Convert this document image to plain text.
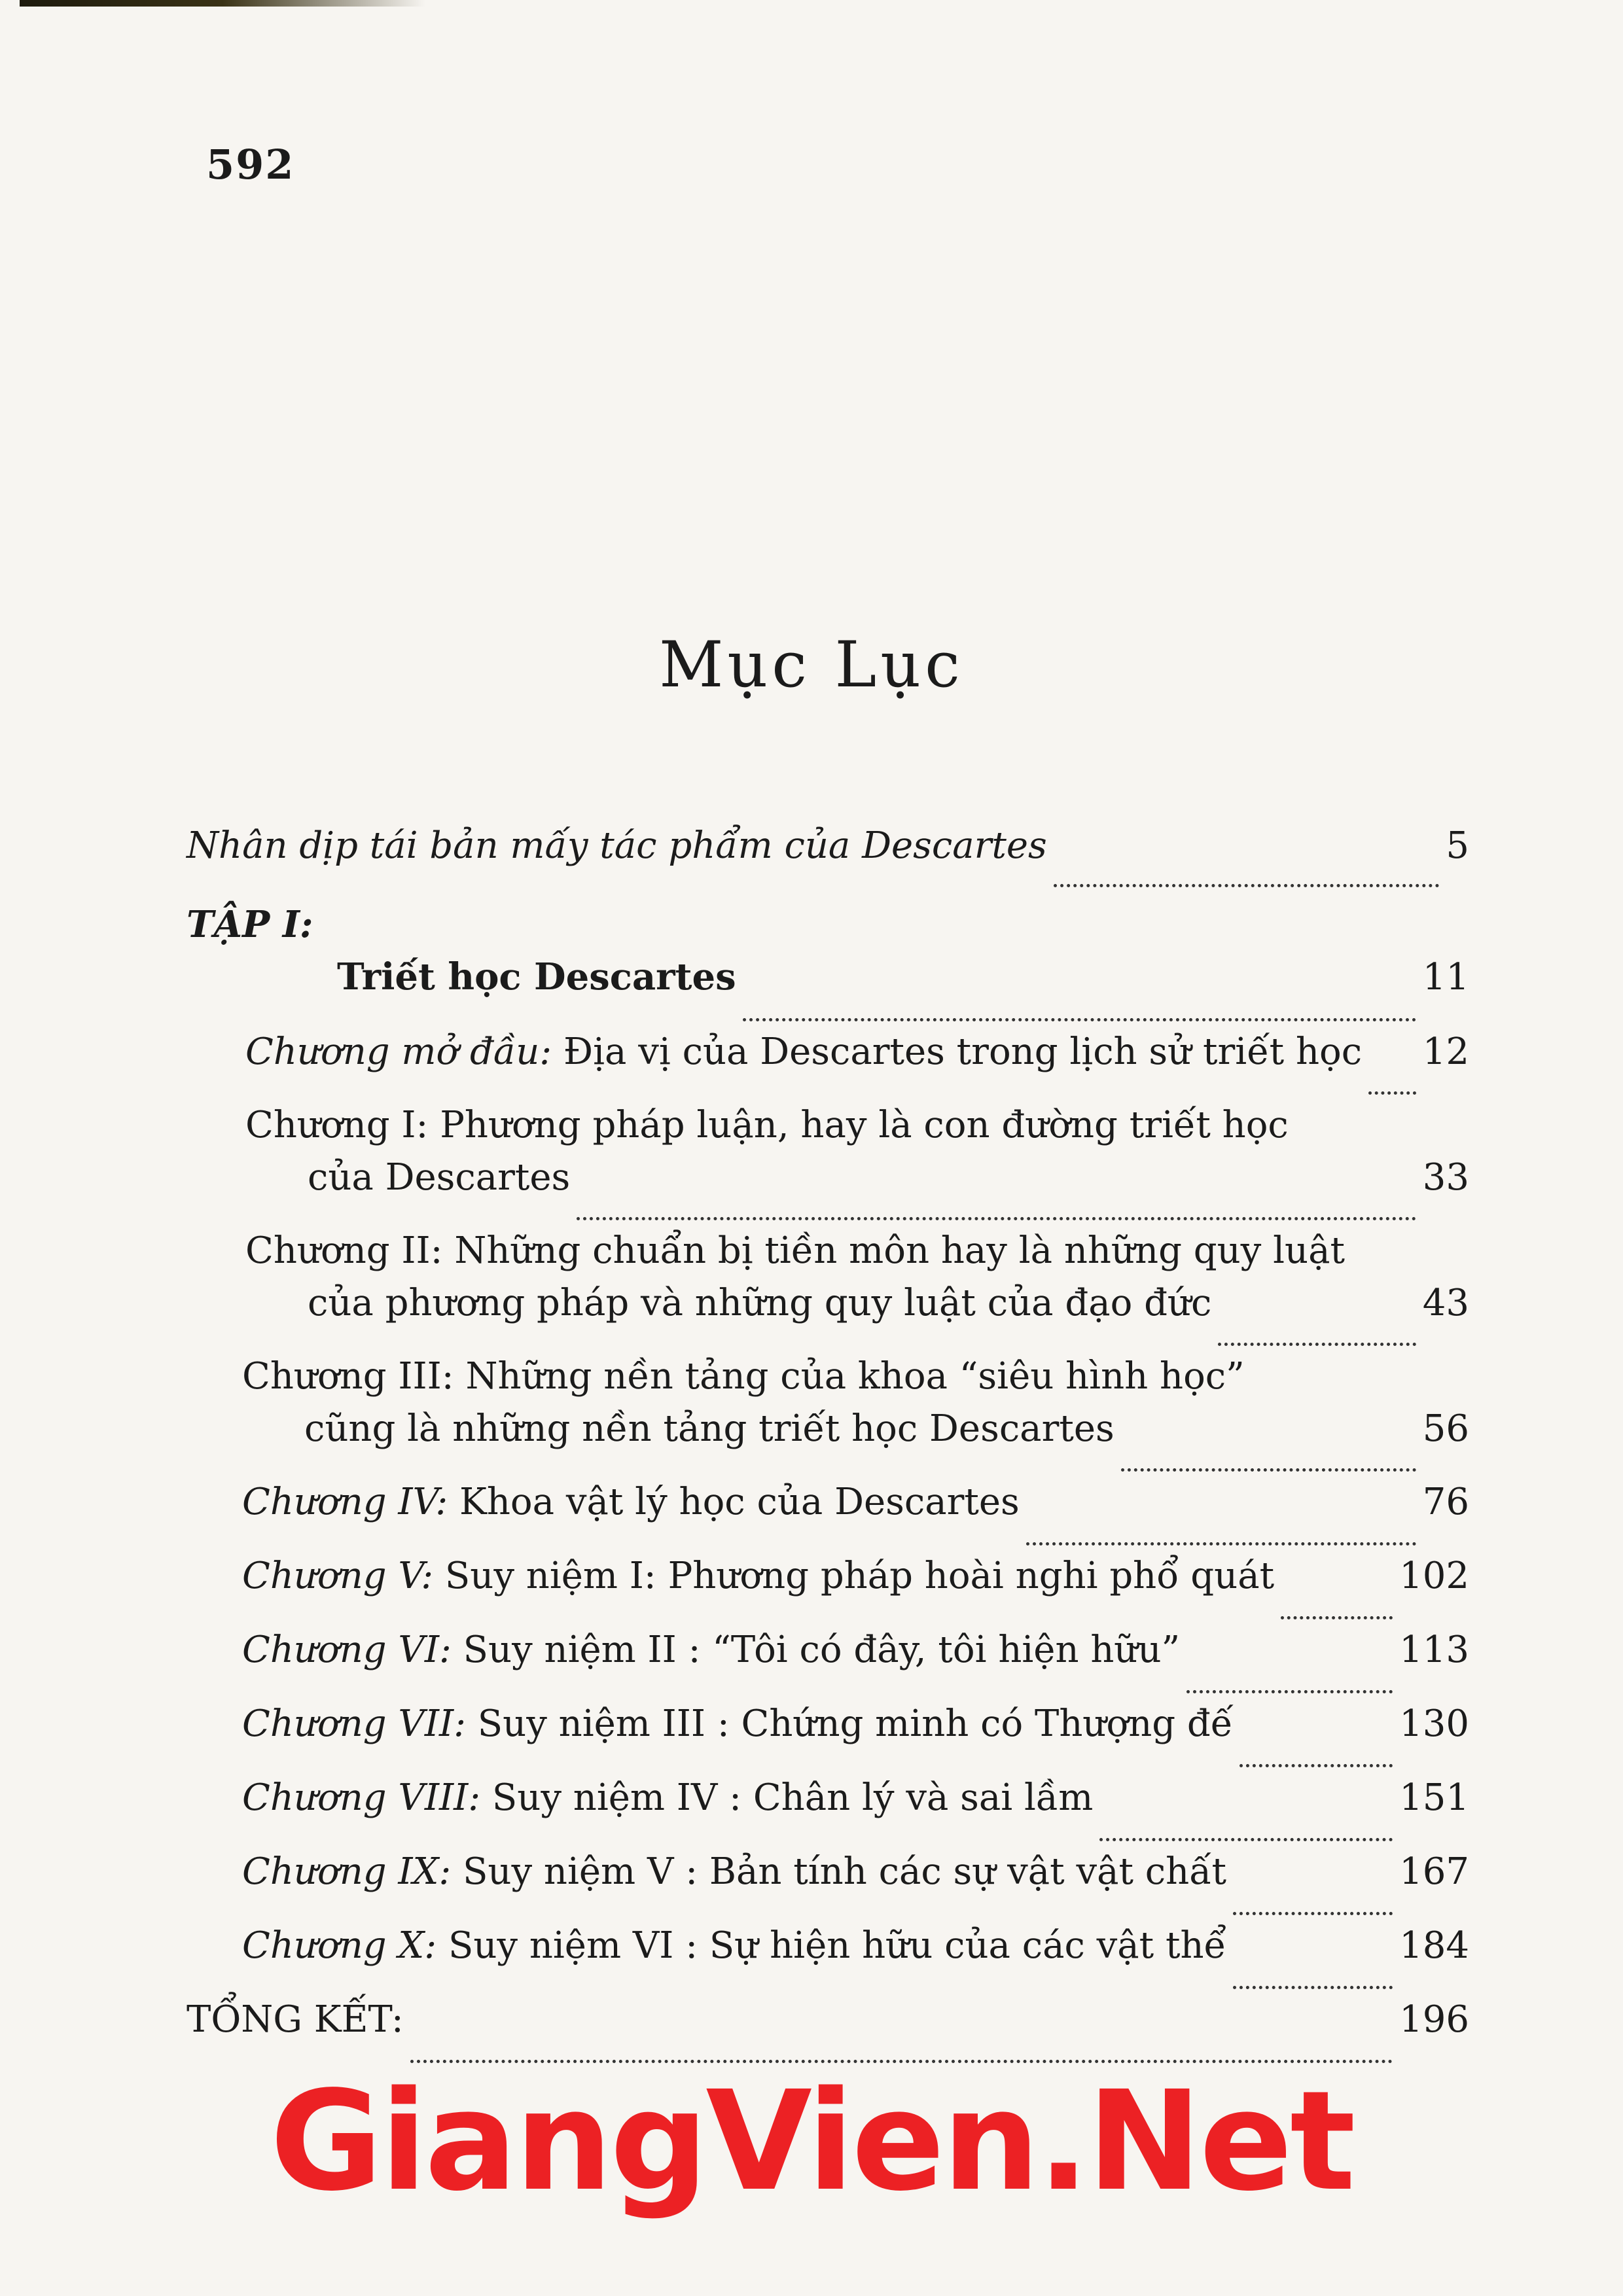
592
Mục Lục
Nhân dịp tái bản mấy tác phẩm của Descartes	5
TẬP I:
Triết học Descartes	11
Chương mở đầu: Địa vị của Descartes trong lịch sử triết học 12
Chương I: Phương pháp luận, hay là con đường triết học
của Descartes	33
Chương II: Những chuẩn bị tiền môn hay là những quy luật
của phương pháp và những quy luật của đạo đức	43
Chương III: Những nền tảng của khoa “siêu hình học”
cũng là những nền tảng triết học Descartes	56
Chương IV: Khoa vật lý học của Descartes	76
Chương V: Suy niệm I: Phương pháp hoài nghi phổ quát	102
Chương VI: Suy niệm II : “Tôi có đây, tôi hiện hữu”	113
Chương VII: Suy niệm III : Chứng minh có Thượng đế	130
Chương VIII: Suy niệm IV : Chân lý và sai lầm	151
Chương IX: Suy niệm V : Bản tính các sự vật vật chất	167
Chương X: Suy niệm VI : Sự hiện hữu của các vật thể	184
TỔNG KẾT:	196
GiangVien.Net
